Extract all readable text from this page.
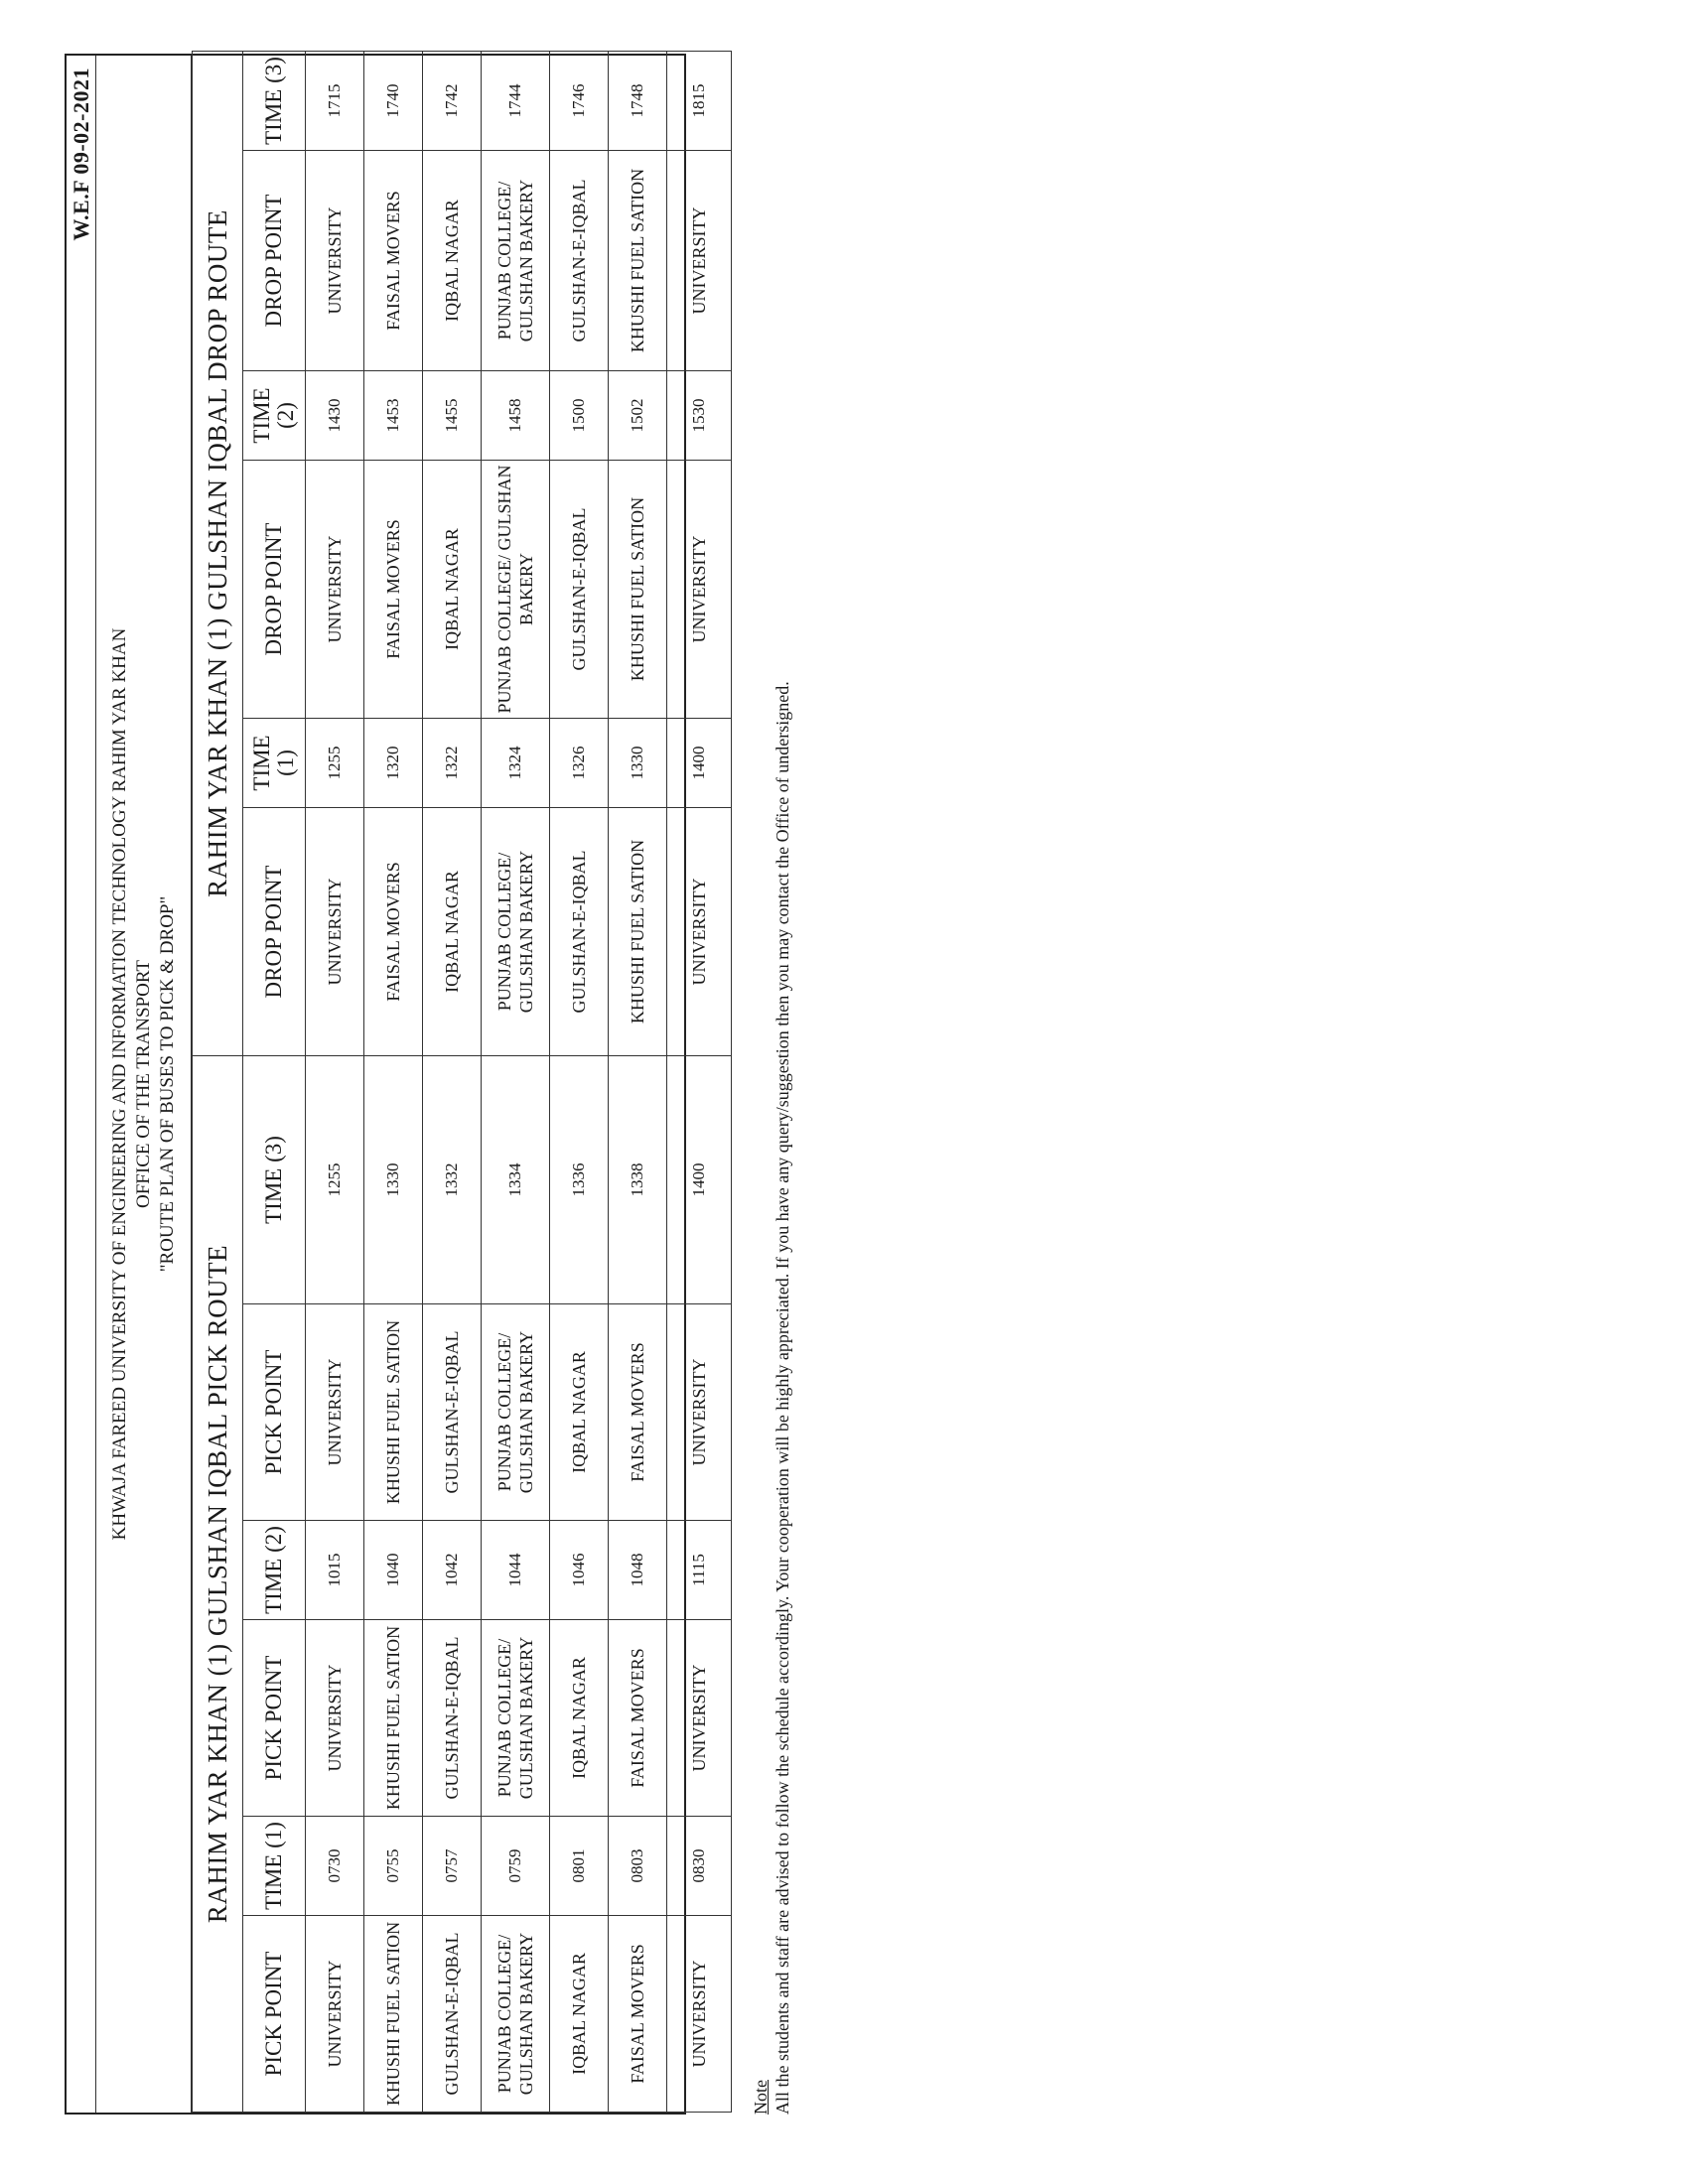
W.E.F 09-02-2021
KHWAJA FAREED UNIVERSITY OF ENGINEERING AND INFORMATION TECHNOLOGY RAHIM YAR KHAN OFFICE OF THE TRANSPORT "ROUTE PLAN OF BUSES TO PICK & DROP"
RAHIM YAR KHAN (1) GULSHAN IQBAL PICK ROUTE					
PICK POINT	TIME (1)	PICK POINT	TIME (2)	PICK POINT	TIME (3)
UNIVERSITY	0730	UNIVERSITY	1015	UNIVERSITY	1255
KHUSHI FUEL SATION	0755	KHUSHI FUEL SATION	1040	KHUSHI FUEL SATION	1330
GULSHAN-E-IQBAL	0757	GULSHAN-E-IQBAL	1042	GULSHAN-E-IQBAL	1332
PUNJAB COLLEGE/ GULSHAN BAKERY	0759	PUNJAB COLLEGE/ GULSHAN BAKERY	1044	PUNJAB COLLEGE/ GULSHAN BAKERY	1334
IQBAL NAGAR	0801	IQBAL NAGAR	1046	IQBAL NAGAR	1336
FAISAL MOVERS	0803	FAISAL MOVERS	1048	FAISAL MOVERS	1338
UNIVERSITY	0830	UNIVERSITY	1115	UNIVERSITY	1400
RAHIM YAR KHAN (1) GULSHAN IQBAL DROP ROUTE					
DROP POINT	TIME (1)	DROP POINT	TIME (2)	DROP POINT	TIME (3)
UNIVERSITY	1255	UNIVERSITY	1430	UNIVERSITY	1715
FAISAL MOVERS	1320	FAISAL MOVERS	1453	FAISAL MOVERS	1740
IQBAL NAGAR	1322	IQBAL NAGAR	1455	IQBAL NAGAR	1742
PUNJAB COLLEGE/ GULSHAN BAKERY	1324	PUNJAB COLLEGE/ GULSHAN BAKERY	1458	PUNJAB COLLEGE/ GULSHAN BAKERY	1744
GULSHAN-E-IQBAL	1326	GULSHAN-E-IQBAL	1500	GULSHAN-E-IQBAL	1746
KHUSHI FUEL SATION	1330	KHUSHI FUEL SATION	1502	KHUSHI FUEL SATION	1748
UNIVERSITY	1400	UNIVERSITY	1530	UNIVERSITY	1815
Note All the students and staff are advised to follow the schedule accordingly. Your cooperation will be highly appreciated. If you have any query/suggestion then you may contact the Office of undersigned.
